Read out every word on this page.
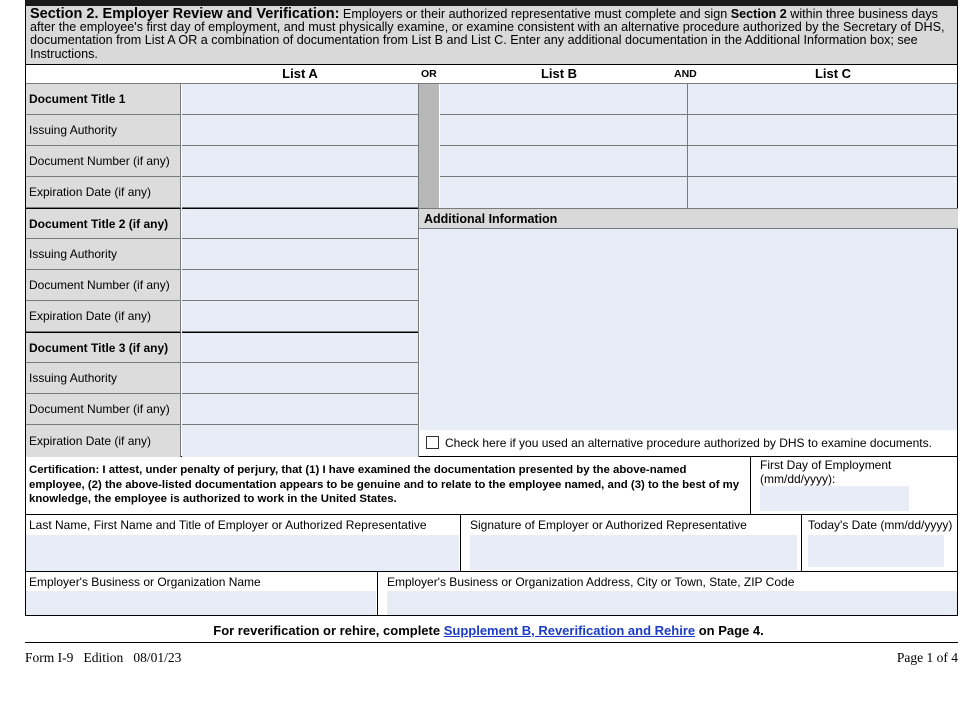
Section 2. Employer Review and Verification: Employers or their authorized representative must complete and sign Section 2 within three business days after the employee's first day of employment, and must physically examine, or examine consistent with an alternative procedure authorized by the Secretary of DHS, documentation from List A OR a combination of documentation from List B and List C. Enter any additional documentation in the Additional Information box; see Instructions.
List A	OR	List B	AND	List C
Document Title 1
Issuing Authority
Document Number (if any)
Expiration Date (if any)
Document Title 2 (if any)
Issuing Authority
Document Number (if any)
Expiration Date (if any)
Document Title 3 (if any)
Issuing Authority
Document Number (if any)
Expiration Date (if any)
Additional Information
Check here if you used an alternative procedure authorized by DHS to examine documents.
Certification: I attest, under penalty of perjury, that (1) I have examined the documentation presented by the above-named employee, (2) the above-listed documentation appears to be genuine and to relate to the employee named, and (3) to the best of my knowledge, the employee is authorized to work in the United States.
First Day of Employment (mm/dd/yyyy):
Last Name, First Name and Title of Employer or Authorized Representative	Signature of Employer or Authorized Representative	Today's Date (mm/dd/yyyy)
Employer's Business or Organization Name	Employer's Business or Organization Address, City or Town, State, ZIP Code
For reverification or rehire, complete Supplement B, Reverification and Rehire on Page 4.
Form I-9   Edition   08/01/23	Page 1 of 4
